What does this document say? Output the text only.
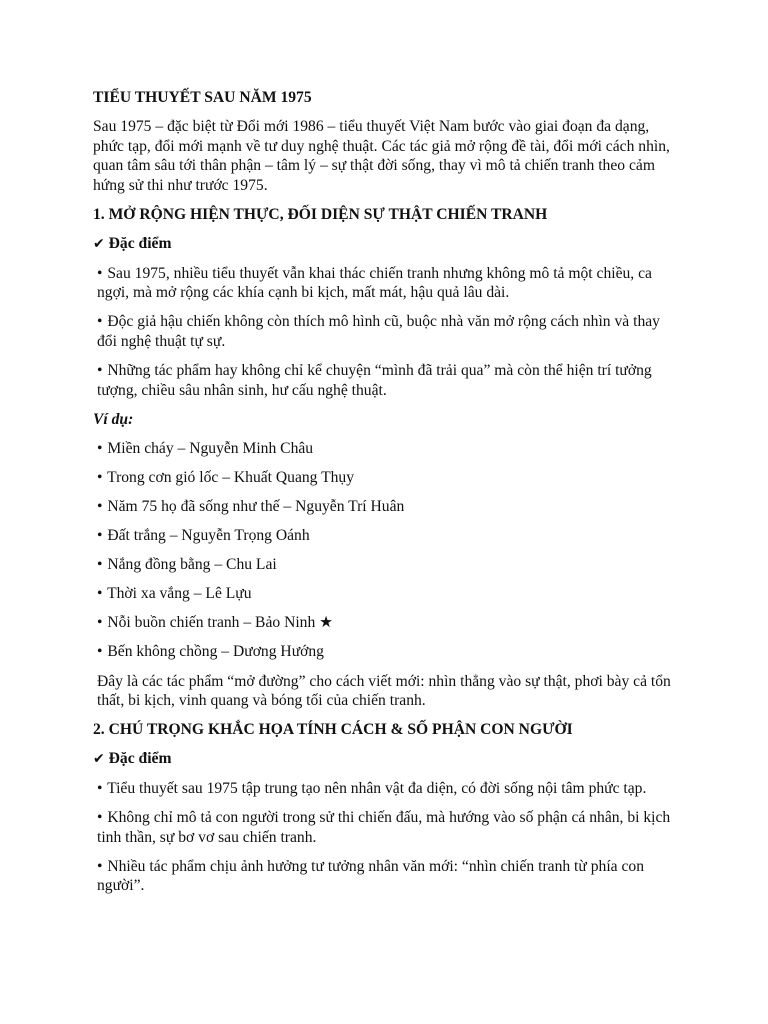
TIỂU THUYẾT SAU NĂM 1975
Sau 1975 – đặc biệt từ Đổi mới 1986 – tiểu thuyết Việt Nam bước vào giai đoạn đa dạng, phức tạp, đổi mới mạnh về tư duy nghệ thuật. Các tác giả mở rộng đề tài, đổi mới cách nhìn, quan tâm sâu tới thân phận – tâm lý – sự thật đời sống, thay vì mô tả chiến tranh theo cảm hứng sử thi như trước 1975.
1. MỞ RỘNG HIỆN THỰC, ĐỐI DIỆN SỰ THẬT CHIẾN TRANH
✔ Đặc điểm
• Sau 1975, nhiều tiểu thuyết vẫn khai thác chiến tranh nhưng không mô tả một chiều, ca ngợi, mà mở rộng các khía cạnh bi kịch, mất mát, hậu quả lâu dài.
• Độc giả hậu chiến không còn thích mô hình cũ, buộc nhà văn mở rộng cách nhìn và thay đổi nghệ thuật tự sự.
• Những tác phẩm hay không chỉ kể chuyện “mình đã trải qua” mà còn thể hiện trí tưởng tượng, chiều sâu nhân sinh, hư cấu nghệ thuật.
Ví dụ:
• Miền cháy – Nguyễn Minh Châu
• Trong cơn gió lốc – Khuất Quang Thụy
• Năm 75 họ đã sống như thế – Nguyễn Trí Huân
• Đất trắng – Nguyễn Trọng Oánh
• Nắng đồng bằng – Chu Lai
• Thời xa vắng – Lê Lựu
• Nỗi buồn chiến tranh – Bảo Ninh ★
• Bến không chồng – Dương Hướng
Đây là các tác phẩm “mở đường” cho cách viết mới: nhìn thẳng vào sự thật, phơi bày cả tổn thất, bi kịch, vinh quang và bóng tối của chiến tranh.
2. CHÚ TRỌNG KHẮC HỌA TÍNH CÁCH & SỐ PHẬN CON NGƯỜI
✔ Đặc điểm
• Tiểu thuyết sau 1975 tập trung tạo nên nhân vật đa diện, có đời sống nội tâm phức tạp.
• Không chỉ mô tả con người trong sử thi chiến đấu, mà hướng vào số phận cá nhân, bi kịch tinh thần, sự bơ vơ sau chiến tranh.
• Nhiều tác phẩm chịu ảnh hưởng tư tưởng nhân văn mới: “nhìn chiến tranh từ phía con người”.
